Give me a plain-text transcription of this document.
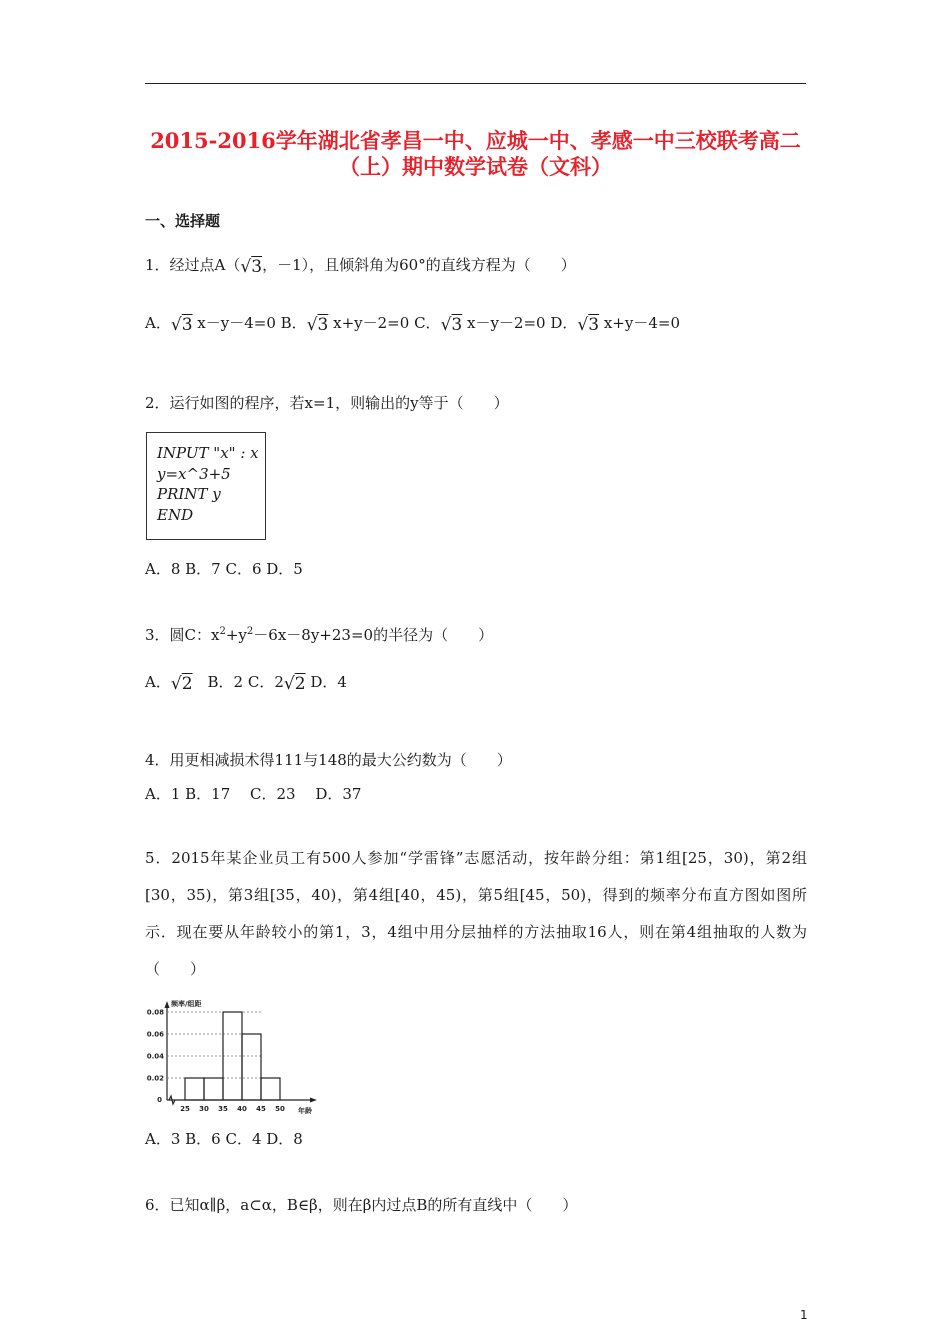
2015-2016学年湖北省孝昌一中、应城一中、孝感一中三校联考高二
（上）期中数学试卷（文科）
一、选择题
1．经过点A（√3，－1），且倾斜角为60°的直线方程为（　　）
A．√3 x－y－4=0 B．√3 x+y－2=0 C．√3 x－y－2=0 D．√3 x+y－4=0
2．运行如图的程序，若x=1，则输出的y等于（　　）
INPUT "x" : x
y=x^3+5
PRINT y
END
A．8 B．7 C．6 D．5
3．圆C：$x^2+y^2-6x-8y+23=0$的半径为（　　）
A．√2　B．2 C．2√2 D．4
4．用更相减损术得111与148的最大公约数为（　　）
A．1 B．17　 C．23　 D．37
5．2015年某企业员工有500人参加“学雷锋”志愿活动，按年龄分组：第1组[25，30)，第2组[30，35)，第3组[35，40)，第4组[40，45)，第5组[45，50)，得到的频率分布直方图如图所示．现在要从年龄较小的第1，3，4组中用分层抽样的方法抽取16人，则在第4组抽取的人数为（　　）
0.02
0.04
0.06
0.08
0
25 30 35 40 45 50
频率/组距
年龄
A．3 B．6 C．4 D．8
6．已知α∥β，a⊂α，B∈β，则在β内过点B的所有直线中（　　）
1
